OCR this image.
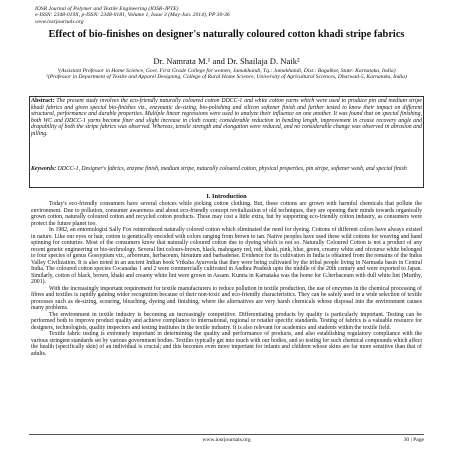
IOSR Journal of Polymer and Textile Engineering (IOSR-JPTE)
e-ISSN: 2348-019X, p-ISSN: 2348-0181, Volume 1, Issue 3 (May-Jun. 2014), PP 30-36
www.iosrjournals.org
Effect of bio-finishes on designer's naturally coloured cotton khadi stripe fabrics
Dr. Namrata M.¹ and Dr. Shailaja D. Naik²
¹(Assistant Professor in Home Science, Govt. First Grade College for women, Jamakhandi, Tq.: Jamakhandi, Dist.: Bagalkot, State: Karnataka, India)
²(Professor in Department of Textile and Apparel Designing, College of Rural Home Science, University of Agricultural Sciences, Dharwad-5, Karnataka, India)
Abstract: The present study involves the eco-friendly naturally coloured cotton DDCC-1 and white cotton yarns which were used to produce pin and medium stripe khadi fabrics and given special bio-finishes viz., enzymatic de-sizing, bio-polishing and silicon softener finish and further tested to know their impact on different structural, performance and durable properties. Multiple linear regressions were used to analyze their influence on one another. It was found that on special finishing, both WC and DDCC-1 yarns become finer and slight increase in cloth count; considerable reduction in bending length, improvement in crease recovery angle and drapability of both the stripe fabrics was observed. Whereas, tensile strength and elongation were reduced, and no considerable change was observed in abrasion and pilling.
Keywords: DDCC-1, Designer's fabrics, enzyme finish, medium stripe, naturally coloured cotton, physical properties, pin stripe, softener wash, and special finish
I. Introduction

Today's eco-friendly consumers have several choices while picking cotton clothing. But, these cottons are grown with harmful chemicals that pollute the environment. Due to pollution, consumer awareness and about eco-friendly concept revitalization of old techniques, they are opening their minds towards organically grown cotton, naturally coloured cotton and recycled cotton products. These may cost a little extra, but by supporting eco-friendly cotton industry, as consumers were protect the future planet too.

In 1982, an entomologist Sally Fox reintroduced naturally colored cotton which eliminated the need for dyeing. Cottons of different colors have always existed in nature. Like our eyes or hair, cotton is genetically encoded with colors ranging from brown to tan. Native peoples have used these wild cottons for weaving and hand spinning for centuries. Most of the consumers know that naturally coloured cotton due to dyeing which is not so. Naturally Coloured Cotton is not a product of any recent genetic engineering or bio-technology. Several lint colours-brown, black, mahogany red, red, khaki, pink, blue, green, creamy white and ofcourse white belonged to four species of genus Gossypium viz., arboreum, herbaceum, hirsutum and barbadense. Evidence for its cultivation in India is obtained from the remains of the Indus Valley Civilization. It is also noted in an ancient Indian book Vriksha Ayurveda that they were being cultivated by the tribal people living in Narmada basin in Central India. The coloured cotton species Cocanadas 1 and 2 were commercially cultivated in Andhra Pradesh upto the middle of the 20th century and were exported to Japan. Similarly, cotton of black, brown, khaki and creamy white lint were grown in Assam. Kumta in Karnataka was the home for G.herbaceum with dull white lint (Murthy, 2001).

With the increasingly important requirement for textile manufacturers to reduce pollution in textile production, the use of enzymes in the chemical processing of fibres and textiles is rapidly gaining wider recognition because of their non-toxic and eco-friendly characteristics. They can be safely used in a wide selection of textile processes such as de-sizing, scouring, bleaching, dyeing and finishing, where the alternatives are very harsh chemicals whose disposal into the environment causes many problems.

The environment in textile industry is becoming an increasingly competitive. Differentiating products by quality is particularly important. Testing can be performed both to improve product quality and achieve compliance to international, regional or retailer specific standards. Testing of fabrics is a valuable resource for designers, technologists, quality inspectors and testing institutes in the textile industry. It is also relevant for academics and students within the textile field.

Textile fabric testing is extremely important in determining the quality and performance of products, and also establishing regulatory compliance with the various stringent standards set by various government bodies. Textiles typically get into touch with our bodies, and so testing for such chemical compounds which affect the health (specifically skin) of an individual is crucial; and this becomes even more important for infants and children whose skins are far more sensitive than that of adults.

www.iosrjournals.org	30 | Page
